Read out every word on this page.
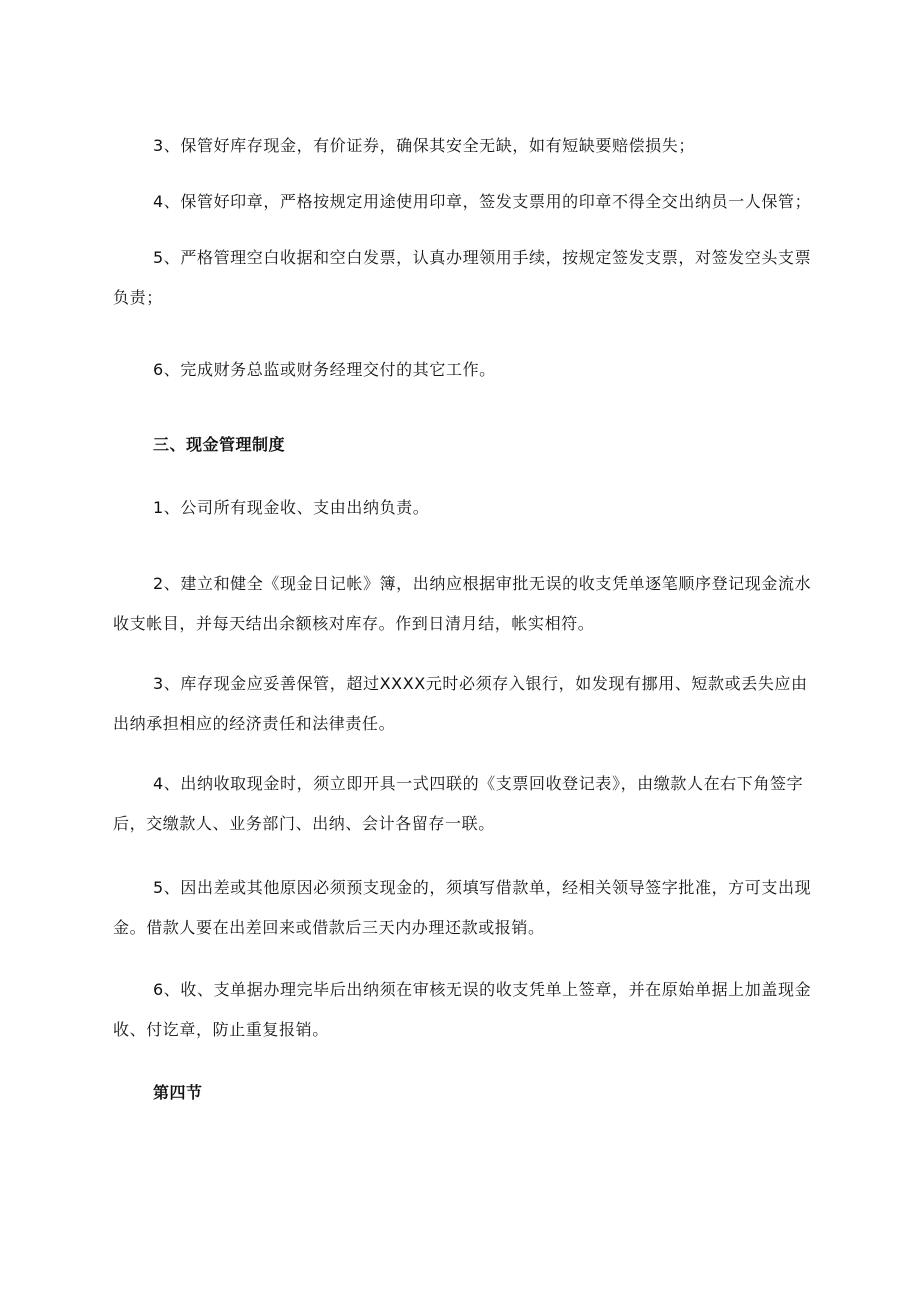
3、保管好库存现金，有价证券，确保其安全无缺，如有短缺要赔偿损失；

4、保管好印章，严格按规定用途使用印章，签发支票用的印章不得全交出纳员一人保管；

5、严格管理空白收据和空白发票，认真办理领用手续，按规定签发支票，对签发空头支票负责；

6、完成财务总监或财务经理交付的其它工作。

三、现金管理制度

1、公司所有现金收、支由出纳负责。

2、建立和健全《现金日记帐》簿，出纳应根据审批无误的收支凭单逐笔顺序登记现金流水收支帐目，并每天结出余额核对库存。作到日清月结，帐实相符。

3、库存现金应妥善保管，超过XXXX元时必须存入银行，如发现有挪用、短款或丢失应由出纳承担相应的经济责任和法律责任。

4、出纳收取现金时，须立即开具一式四联的《支票回收登记表》，由缴款人在右下角签字后，交缴款人、业务部门、出纳、会计各留存一联。

5、因出差或其他原因必须预支现金的，须填写借款单，经相关领导签字批准，方可支出现金。借款人要在出差回来或借款后三天内办理还款或报销。

6、收、支单据办理完毕后出纳须在审核无误的收支凭单上签章，并在原始单据上加盖现金收、付讫章，防止重复报销。

第四节
